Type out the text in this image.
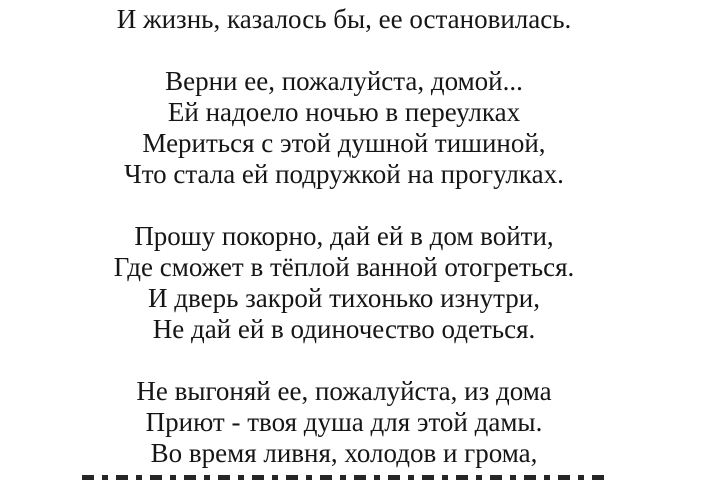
И жизнь, казалось бы, ее остановилась.
Верни ее, пожалуйста, домой...
Ей надоело ночью в переулках
Мериться с этой душной тишиной,
Что стала ей подружкой на прогулках.
Прошу покорно, дай ей в дом войти,
Где сможет в тёплой ванной отогреться.
И дверь закрой тихонько изнутри,
Не дай ей в одиночество одеться.
Не выгоняй ее, пожалуйста, из дома
Приют - твоя душа для этой дамы.
Во время ливня, холодов и грома,
